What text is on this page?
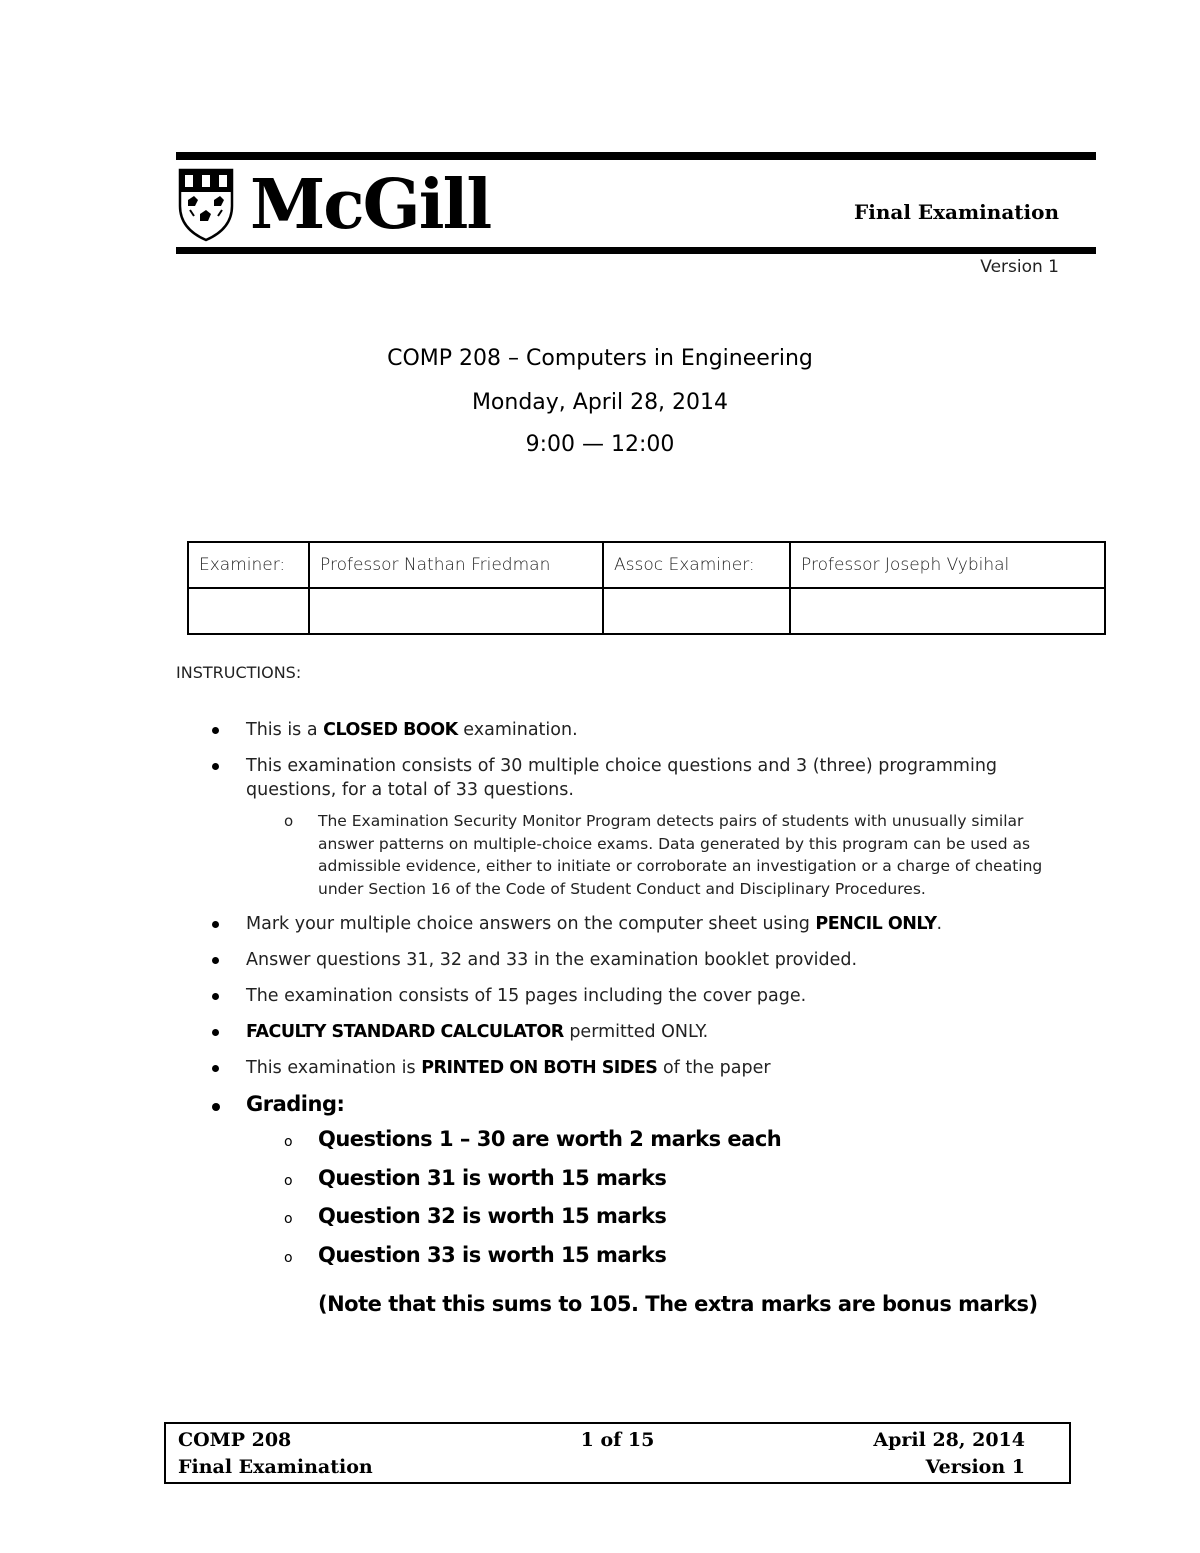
McGill	Final Examination
Version 1
COMP 208 – Computers in Engineering
Monday, April 28, 2014
9:00 — 12:00
Examiner:	Professor Nathan Friedman	Assoc Examiner:	Professor Joseph Vybihal

INSTRUCTIONS:
This is a CLOSED BOOK examination.
This examination consists of 30 multiple choice questions and 3 (three) programming questions, for a total of 33 questions.
o The Examination Security Monitor Program detects pairs of students with unusually similar answer patterns on multiple-choice exams. Data generated by this program can be used as admissible evidence, either to initiate or corroborate an investigation or a charge of cheating under Section 16 of the Code of Student Conduct and Disciplinary Procedures.
Mark your multiple choice answers on the computer sheet using PENCIL ONLY.
Answer questions 31, 32 and 33 in the examination booklet provided.
The examination consists of 15 pages including the cover page.
FACULTY STANDARD CALCULATOR permitted ONLY.
This examination is PRINTED ON BOTH SIDES of the paper
Grading:
o Questions 1 – 30 are worth 2 marks each
o Question 31 is worth 15 marks
o Question 32 is worth 15 marks
o Question 33 is worth 15 marks
(Note that this sums to 105. The extra marks are bonus marks)
COMP 208
Final Examination
1 of 15	April 28, 2014
Version 1
